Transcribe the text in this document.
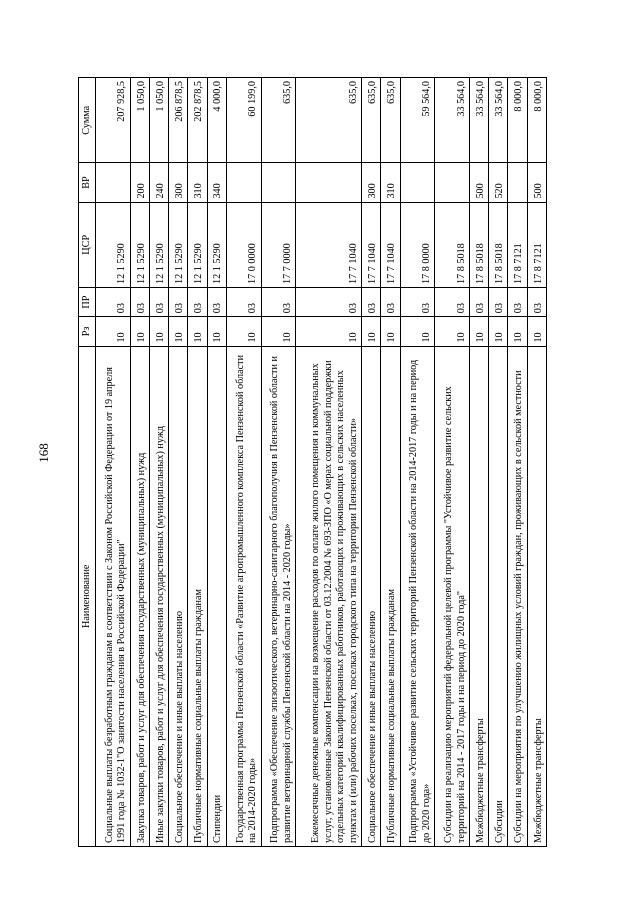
168
Наименование	Рз	ПР	ЦСР	ВР	Сумма
Социальные выплаты безработным гражданам в соответствии с Законом Российской Федерации от 19 апреля 1991 года № 1032-1"О занятости населения в Российской Федерации"	10	03	12 1 5290		207 928,5
Закупка товаров, работ и услуг для обеспечения государственных (муниципальных) нужд	10	03	12 1 5290	200	1 050,0
Иные закупки товаров, работ и услуг для обеспечения государственных (муниципальных) нужд	10	03	12 1 5290	240	1 050,0
Социальное обеспечение и иные выплаты населению	10	03	12 1 5290	300	206 878,5
Публичные нормативные социальные выплаты гражданам	10	03	12 1 5290	310	202 878,5
Стипендии	10	03	12 1 5290	340	4 000,0
Государственная программа Пензенской области «Развитие агропромышленного комплекса Пензенской области на 2014-2020 годы»	10	03	17 0 0000		60 199,0
Подпрограмма «Обеспечение эпизоотического, ветеринарно-санитарного благополучия в Пензенской области и развитие ветеринарной службы Пензенской области на 2014 - 2020 годы»	10	03	17 7 0000		635,0
Ежемесячные денежные компенсации на возмещение расходов по оплате жилого помещения и коммунальных услуг, установленные Законом Пензенской области от 03.12.2004 № 693-ЗПО «О мерах социальной поддержки отдельных категорий квалифицированных работников, работающих и проживающих в сельских населенных пунктах и (или) рабочих поселках, поселках городского типа на территории Пензенской области»	10	03	17 7 1040		635,0
Социальное обеспечение и иные выплаты населению	10	03	17 7 1040	300	635,0
Публичные нормативные социальные выплаты гражданам	10	03	17 7 1040	310	635,0
Подпрограмма «Устойчивое развитие сельских территорий Пензенской области на 2014-2017 годы и на период до 2020 года»	10	03	17 8 0000		59 564,0
Субсидии на реализацию мероприятий федеральной целевой программы "Устойчивое развитие сельских территорий на 2014 - 2017 годы и на период до 2020 года"	10	03	17 8 5018		33 564,0
Межбюджетные трансферты	10	03	17 8 5018	500	33 564,0
Субсидии	10	03	17 8 5018	520	33 564,0
Субсидии на мероприятия по улучшению жилищных условий граждан, проживающих в сельской местности	10	03	17 8 7121		8 000,0
Межбюджетные трансферты	10	03	17 8 7121	500	8 000,0
